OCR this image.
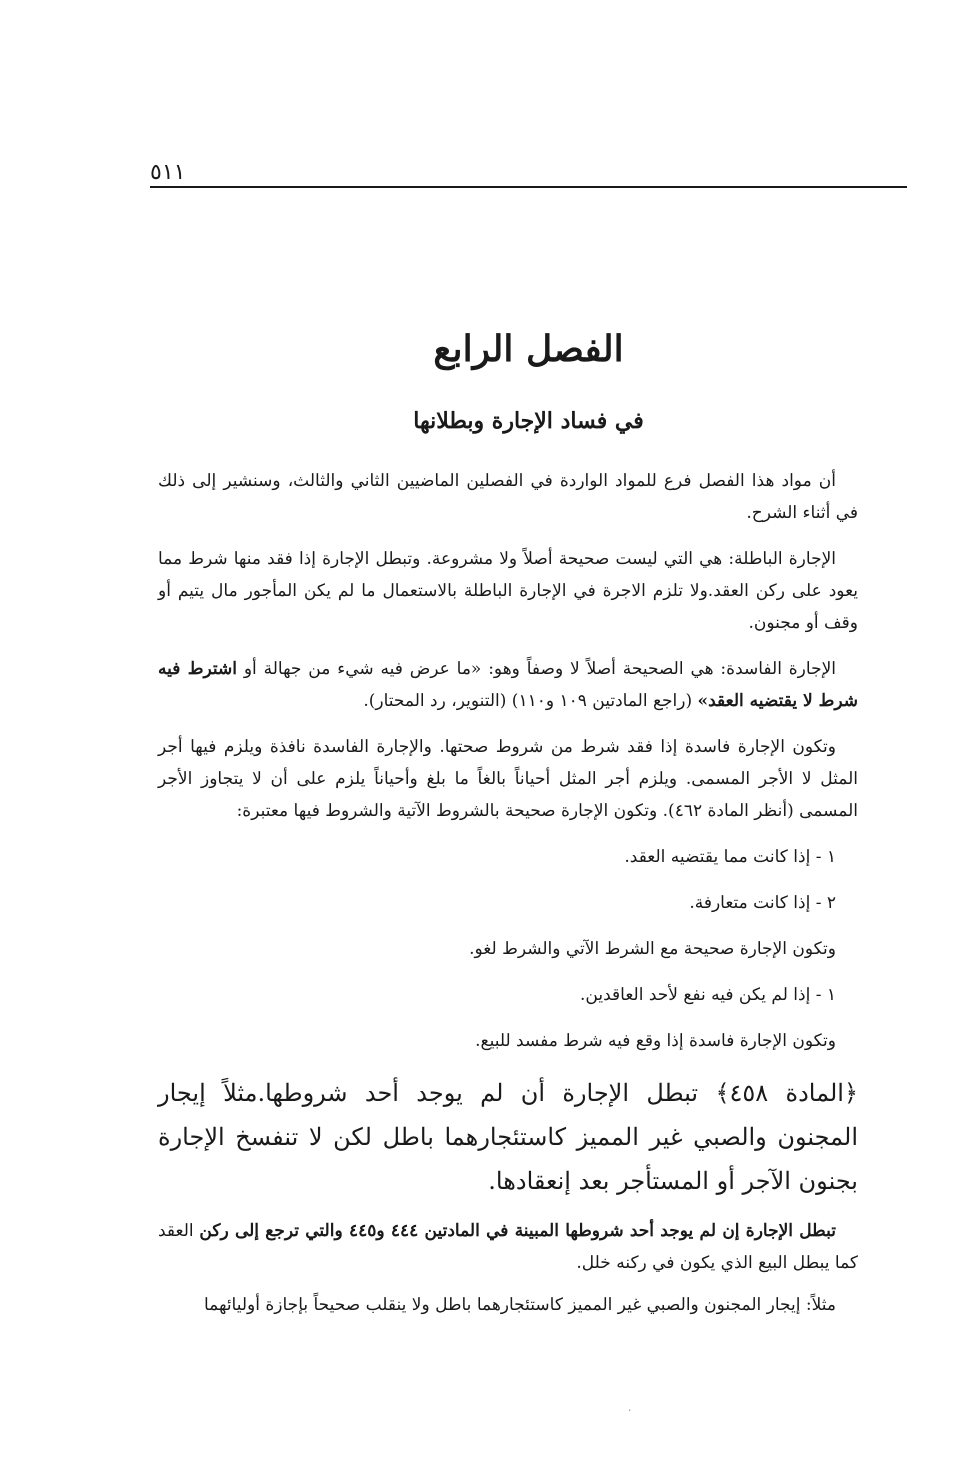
٥١١
الفصل الرابع
في فساد الإجارة وبطلانها

أن مواد هذا الفصل فرع للمواد الواردة في الفصلين الماضيين الثاني والثالث، وسنشير إلى ذلك في أثناء الشرح.

الإجارة الباطلة: هي التي ليست صحيحة أصلاً ولا مشروعة. وتبطل الإجارة إذا فقد منها شرط مما يعود على ركن العقد.ولا تلزم الاجرة في الإجارة الباطلة بالاستعمال ما لم يكن المأجور مال يتيم أو وقف أو مجنون.

الإجارة الفاسدة: هي الصحيحة أصلاً لا وصفاً وهو: «ما عرض فيه شيء من جهالة أو اشترط فيه شرط لا يقتضيه العقد» (راجع المادتين ١٠٩ و١١٠) (التنوير، رد المحتار).

وتكون الإجارة فاسدة إذا فقد شرط من شروط صحتها. والإجارة الفاسدة نافذة ويلزم فيها أجر المثل لا الأجر المسمى. ويلزم أجر المثل أحياناً بالغاً ما بلغ وأحياناً يلزم على أن لا يتجاوز الأجر المسمى (أنظر المادة ٤٦٢). وتكون الإجارة صحيحة بالشروط الآتية والشروط فيها معتبرة:

١ - إذا كانت مما يقتضيه العقد.

٢ - إذا كانت متعارفة.

وتكون الإجارة صحيحة مع الشرط الآتي والشرط لغو.

١ - إذا لم يكن فيه نفع لأحد العاقدين.

وتكون الإجارة فاسدة إذا وقع فيه شرط مفسد للبيع.

﴿المادة ٤٥٨﴾ تبطل الإجارة أن لم يوجد أحد شروطها.مثلاً إيجار المجنون والصبي غير المميز كاستئجارهما باطل لكن لا تنفسخ الإجارة بجنون الآجر أو المستأجر بعد إنعقادها.

تبطل الإجارة إن لم يوجد أحد شروطها المبينة في المادتين ٤٤٤ و٤٤٥ والتي ترجع إلى ركن العقد كما يبطل البيع الذي يكون في ركنه خلل.

مثلاً: إيجار المجنون والصبي غير المميز كاستئجارهما باطل ولا ينقلب صحيحاً بإجازة أوليائهما

٠
